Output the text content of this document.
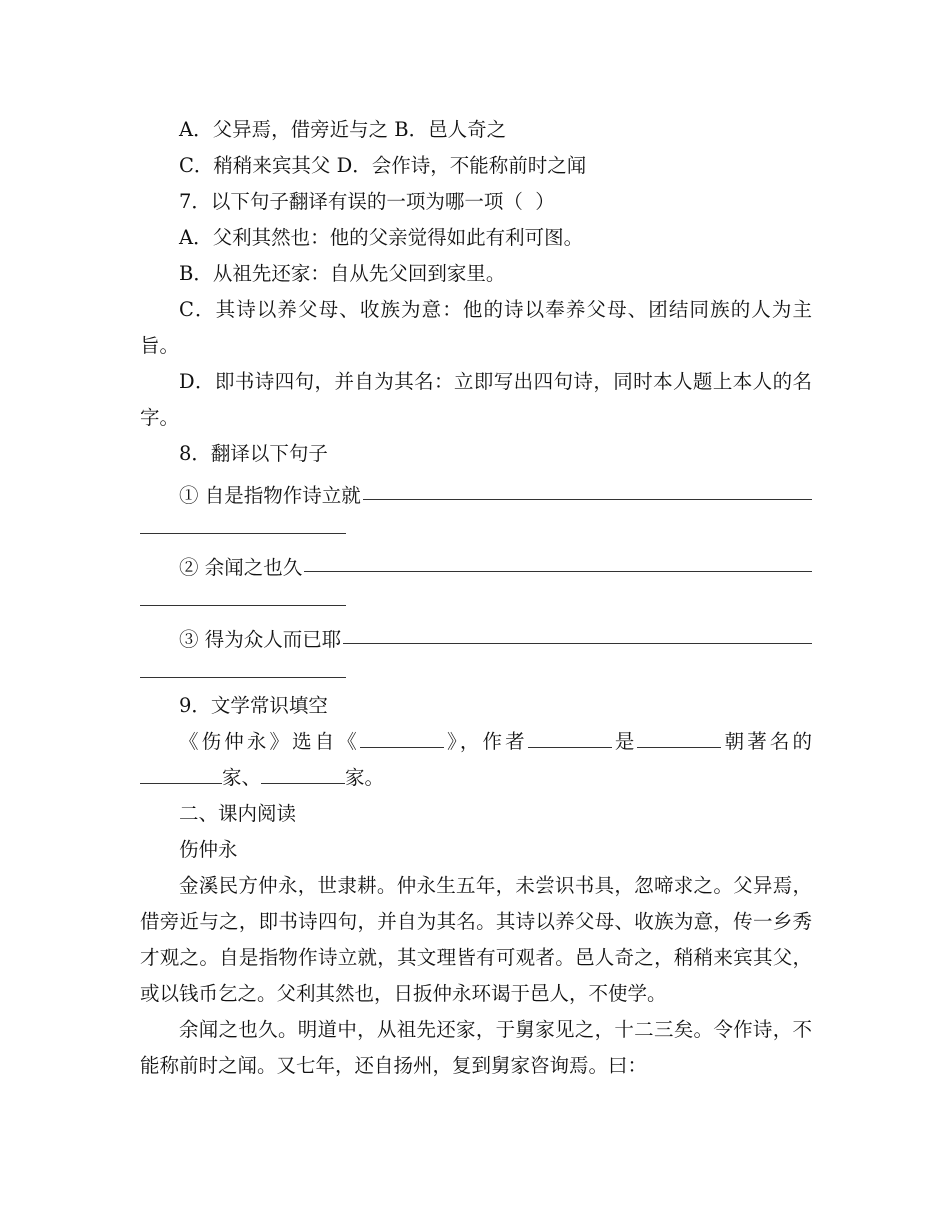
A．父异焉，借旁近与之 B．邑人奇之

C．稍稍来宾其父 D．会作诗，不能称前时之闻

7．以下句子翻译有误的一项为哪一项（  ）

A．父利其然也：他的父亲觉得如此有利可图。

B．从祖先还家：自从先父回到家里。

C．其诗以养父母、收族为意：他的诗以奉养父母、团结同族的人为主旨。

D．即书诗四句，并自为其名：立即写出四句诗，同时本人题上本人的名字。

8．翻译以下句子

① 自是指物作诗立就
② 余闻之也久
③ 得为众人而已耶

9．文学常识填空

《伤仲永》选自《	》，作者	是	朝著名的家、	家。

二、课内阅读

伤仲永

金溪民方仲永，世隶耕。仲永生五年，未尝识书具，忽啼求之。父异焉，借旁近与之，即书诗四句，并自为其名。其诗以养父母、收族为意，传一乡秀才观之。自是指物作诗立就，其文理皆有可观者。邑人奇之，稍稍来宾其父，或以钱币乞之。父利其然也，日扳仲永环谒于邑人，不使学。

余闻之也久。明道中，从祖先还家，于舅家见之，十二三矣。令作诗，不能称前时之闻。又七年，还自扬州，复到舅家咨询焉。曰：
